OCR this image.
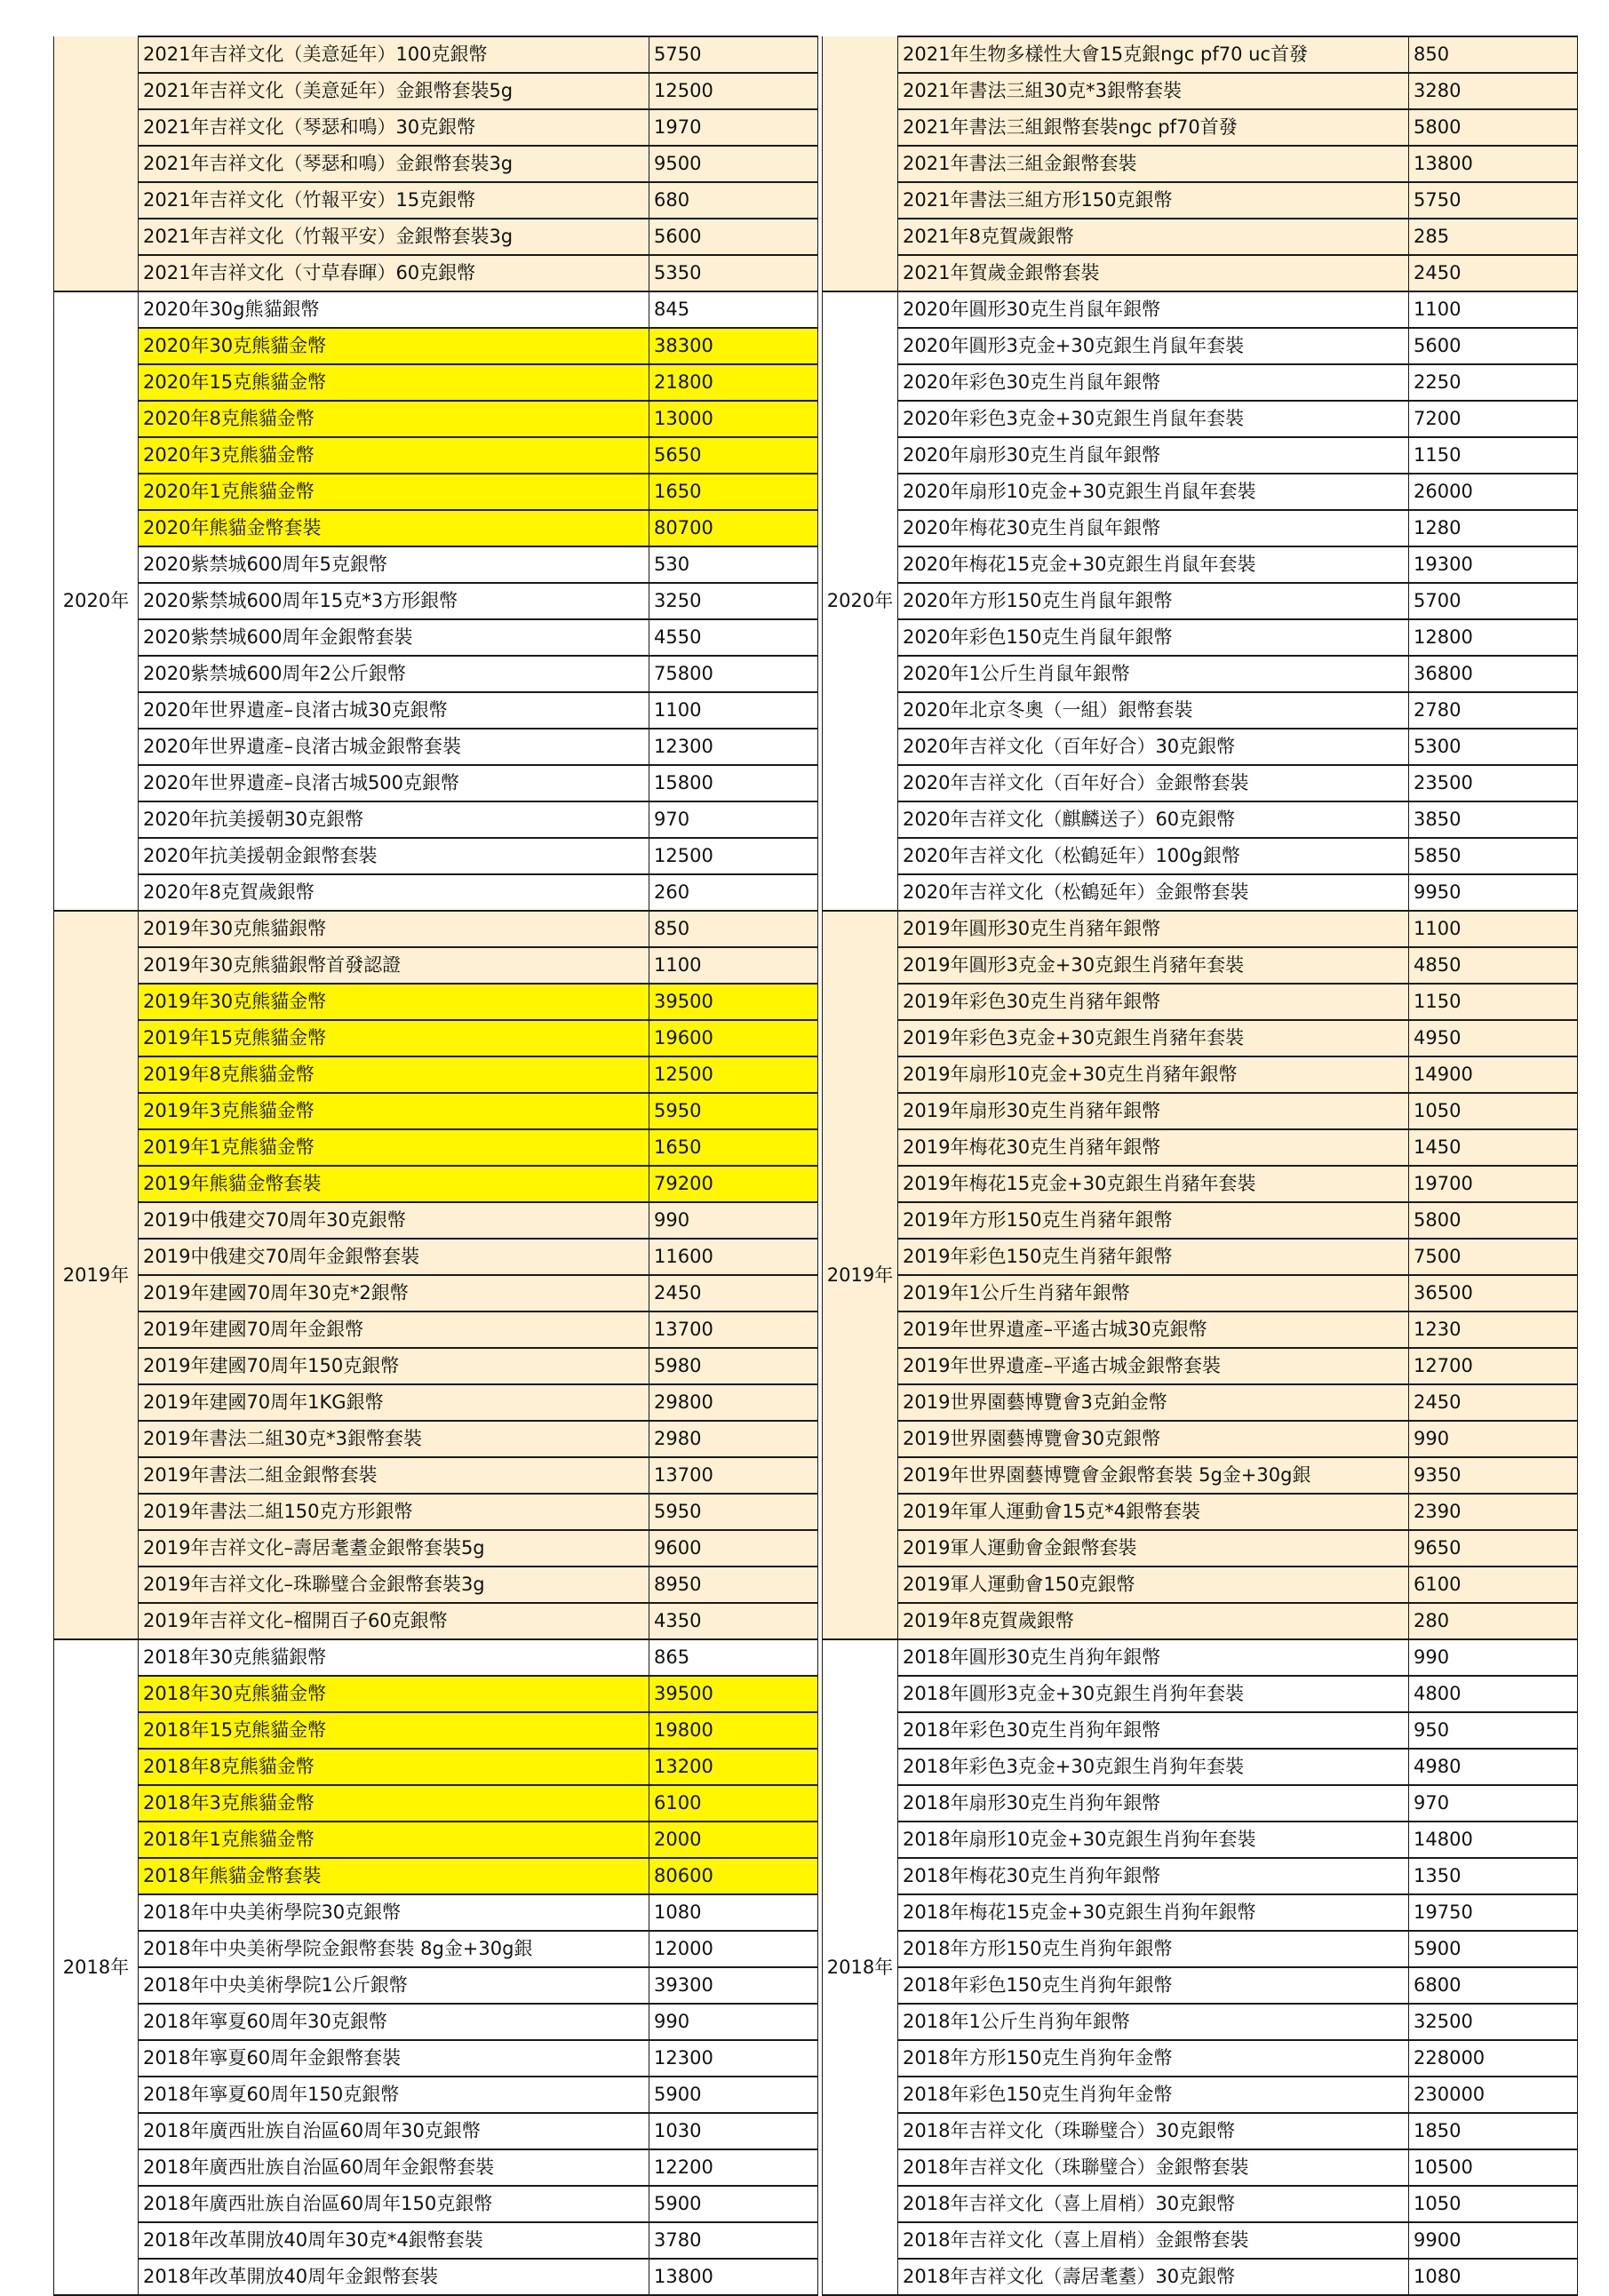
	2021年吉祥文化（美意延年）100克銀幣	5750
	2021年吉祥文化（美意延年）金銀幣套裝5g	12500
	2021年吉祥文化（琴瑟和鳴）30克銀幣	1970
	2021年吉祥文化（琴瑟和鳴）金銀幣套裝3g	9500
	2021年吉祥文化（竹報平安）15克銀幣	680
	2021年吉祥文化（竹報平安）金銀幣套裝3g	5600
	2021年吉祥文化（寸草春暉）60克銀幣	5350
2020年	2020年30g熊貓銀幣	845
	2020年30克熊貓金幣	38300
	2020年15克熊貓金幣	21800
	2020年8克熊貓金幣	13000
	2020年3克熊貓金幣	5650
	2020年1克熊貓金幣	1650
	2020年熊貓金幣套裝	80700
	2020紫禁城600周年5克銀幣	530
	2020紫禁城600周年15克*3方形銀幣	3250
	2020紫禁城600周年金銀幣套裝	4550
	2020紫禁城600周年2公斤銀幣	75800
	2020年世界遺產–良渚古城30克銀幣	1100
	2020年世界遺產–良渚古城金銀幣套裝	12300
	2020年世界遺產–良渚古城500克銀幣	15800
	2020年抗美援朝30克銀幣	970
	2020年抗美援朝金銀幣套裝	12500
	2020年8克賀歲銀幣	260
2019年	2019年30克熊貓銀幣	850
	2019年30克熊貓銀幣首發認證	1100
	2019年30克熊貓金幣	39500
	2019年15克熊貓金幣	19600
	2019年8克熊貓金幣	12500
	2019年3克熊貓金幣	5950
	2019年1克熊貓金幣	1650
	2019年熊貓金幣套裝	79200
	2019中俄建交70周年30克銀幣	990
	2019中俄建交70周年金銀幣套裝	11600
	2019年建國70周年30克*2銀幣	2450
	2019年建國70周年金銀幣	13700
	2019年建國70周年150克銀幣	5980
	2019年建國70周年1KG銀幣	29800
	2019年書法二組30克*3銀幣套裝	2980
	2019年書法二組金銀幣套裝	13700
	2019年書法二組150克方形銀幣	5950
	2019年吉祥文化–壽居耄耋金銀幣套裝5g	9600
	2019年吉祥文化–珠聯璧合金銀幣套裝3g	8950
	2019年吉祥文化–榴開百子60克銀幣	4350
2018年	2018年30克熊貓銀幣	865
	2018年30克熊貓金幣	39500
	2018年15克熊貓金幣	19800
	2018年8克熊貓金幣	13200
	2018年3克熊貓金幣	6100
	2018年1克熊貓金幣	2000
	2018年熊貓金幣套裝	80600
	2018年中央美術學院30克銀幣	1080
	2018年中央美術學院金銀幣套裝 8g金+30g銀	12000
	2018年中央美術學院1公斤銀幣	39300
	2018年寧夏60周年30克銀幣	990
	2018年寧夏60周年金銀幣套裝	12300
	2018年寧夏60周年150克銀幣	5900
	2018年廣西壯族自治區60周年30克銀幣	1030
	2018年廣西壯族自治區60周年金銀幣套裝	12200
	2018年廣西壯族自治區60周年150克銀幣	5900
	2018年改革開放40周年30克*4銀幣套裝	3780
	2018年改革開放40周年金銀幣套裝	13800
	2021年生物多樣性大會15克銀ngc pf70 uc首發	850
	2021年書法三組30克*3銀幣套裝	3280
	2021年書法三組銀幣套裝ngc pf70首發	5800
	2021年書法三組金銀幣套裝	13800
	2021年書法三組方形150克銀幣	5750
	2021年8克賀歲銀幣	285
	2021年賀歲金銀幣套裝	2450
2020年	2020年圓形30克生肖鼠年銀幣	1100
	2020年圓形3克金+30克銀生肖鼠年套裝	5600
	2020年彩色30克生肖鼠年銀幣	2250
	2020年彩色3克金+30克銀生肖鼠年套裝	7200
	2020年扇形30克生肖鼠年銀幣	1150
	2020年扇形10克金+30克銀生肖鼠年套裝	26000
	2020年梅花30克生肖鼠年銀幣	1280
	2020年梅花15克金+30克銀生肖鼠年套裝	19300
	2020年方形150克生肖鼠年銀幣	5700
	2020年彩色150克生肖鼠年銀幣	12800
	2020年1公斤生肖鼠年銀幣	36800
	2020年北京冬奧（一組）銀幣套裝	2780
	2020年吉祥文化（百年好合）30克銀幣	5300
	2020年吉祥文化（百年好合）金銀幣套裝	23500
	2020年吉祥文化（麒麟送子）60克銀幣	3850
	2020年吉祥文化（松鶴延年）100g銀幣	5850
	2020年吉祥文化（松鶴延年）金銀幣套裝	9950
2019年	2019年圓形30克生肖豬年銀幣	1100
	2019年圓形3克金+30克銀生肖豬年套裝	4850
	2019年彩色30克生肖豬年銀幣	1150
	2019年彩色3克金+30克銀生肖豬年套裝	4950
	2019年扇形10克金+30克生肖豬年銀幣	14900
	2019年扇形30克生肖豬年銀幣	1050
	2019年梅花30克生肖豬年銀幣	1450
	2019年梅花15克金+30克銀生肖豬年套裝	19700
	2019年方形150克生肖豬年銀幣	5800
	2019年彩色150克生肖豬年銀幣	7500
	2019年1公斤生肖豬年銀幣	36500
	2019年世界遺產–平遙古城30克銀幣	1230
	2019年世界遺產–平遙古城金銀幣套裝	12700
	2019世界園藝博覽會3克鉑金幣	2450
	2019世界園藝博覽會30克銀幣	990
	2019年世界園藝博覽會金銀幣套裝 5g金+30g銀	9350
	2019年軍人運動會15克*4銀幣套裝	2390
	2019軍人運動會金銀幣套裝	9650
	2019軍人運動會150克銀幣	6100
	2019年8克賀歲銀幣	280
2018年	2018年圓形30克生肖狗年銀幣	990
	2018年圓形3克金+30克銀生肖狗年套裝	4800
	2018年彩色30克生肖狗年銀幣	950
	2018年彩色3克金+30克銀生肖狗年套裝	4980
	2018年扇形30克生肖狗年銀幣	970
	2018年扇形10克金+30克銀生肖狗年套裝	14800
	2018年梅花30克生肖狗年銀幣	1350
	2018年梅花15克金+30克銀生肖狗年銀幣	19750
	2018年方形150克生肖狗年銀幣	5900
	2018年彩色150克生肖狗年銀幣	6800
	2018年1公斤生肖狗年銀幣	32500
	2018年方形150克生肖狗年金幣	228000
	2018年彩色150克生肖狗年金幣	230000
	2018年吉祥文化（珠聯璧合）30克銀幣	1850
	2018年吉祥文化（珠聯璧合）金銀幣套裝	10500
	2018年吉祥文化（喜上眉梢）30克銀幣	1050
	2018年吉祥文化（喜上眉梢）金銀幣套裝	9900
	2018年吉祥文化（壽居耄耋）30克銀幣	1080
